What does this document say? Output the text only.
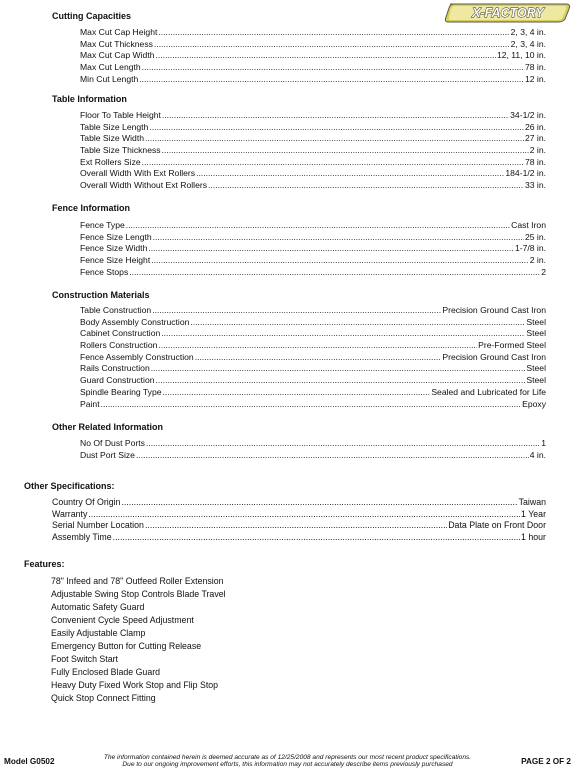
X-FACTORY
Cutting Capacities
Max Cut Cap Height .....	2, 3, 4 in.
Max Cut Thickness .....	2, 3, 4 in.
Max Cut Cap Width .....	12, 11, 10 in.
Max Cut Length .....	78 in.
Min Cut Length .....	12 in.
Table Information
Floor To Table Height .....	34-1/2 in.
Table Size Length .....	26 in.
Table Size Width .....	27 in.
Table Size Thickness .....	2 in.
Ext Rollers Size .....	78 in.
Overall Width With Ext Rollers .....	184-1/2 in.
Overall Width Without Ext Rollers .....	33 in.
Fence Information
Fence Type .....	Cast Iron
Fence Size Length .....	25 in.
Fence Size Width .....	1-7/8 in.
Fence Size Height .....	2 in.
Fence Stops .....	2
Construction Materials
Table Construction .....	Precision Ground Cast Iron
Body Assembly Construction .....	Steel
Cabinet Construction .....	Steel
Rollers Construction .....	Pre-Formed Steel
Fence Assembly Construction .....	Precision Ground Cast Iron
Rails Construction .....	Steel
Guard Construction .....	Steel
Spindle Bearing Type .....	Sealed and Lubricated for Life
Paint .....	Epoxy
Other Related Information
No Of Dust Ports .....	1
Dust Port Size .....	4 in.
Other Specifications:
Country Of Origin .....	Taiwan
Warranty .....	1 Year
Serial Number Location .....	Data Plate on Front Door
Assembly Time .....	1 hour
Features:
78" Infeed and 78" Outfeed Roller Extension
Adjustable Swing Stop Controls Blade Travel
Automatic Safety Guard
Convenient Cycle Speed Adjustment
Easily Adjustable Clamp
Emergency Button for Cutting Release
Foot Switch Start
Fully Enclosed Blade Guard
Heavy Duty Fixed Work Stop and Flip Stop
Quick Stop Connect Fitting
Model G0502	The information contained herein is deemed accurate as of 12/25/2008 and represents our most recent product specifications.
Due to our ongoing improvement efforts, this information may not accurately describe items previously purchased	PAGE 2 OF 2
